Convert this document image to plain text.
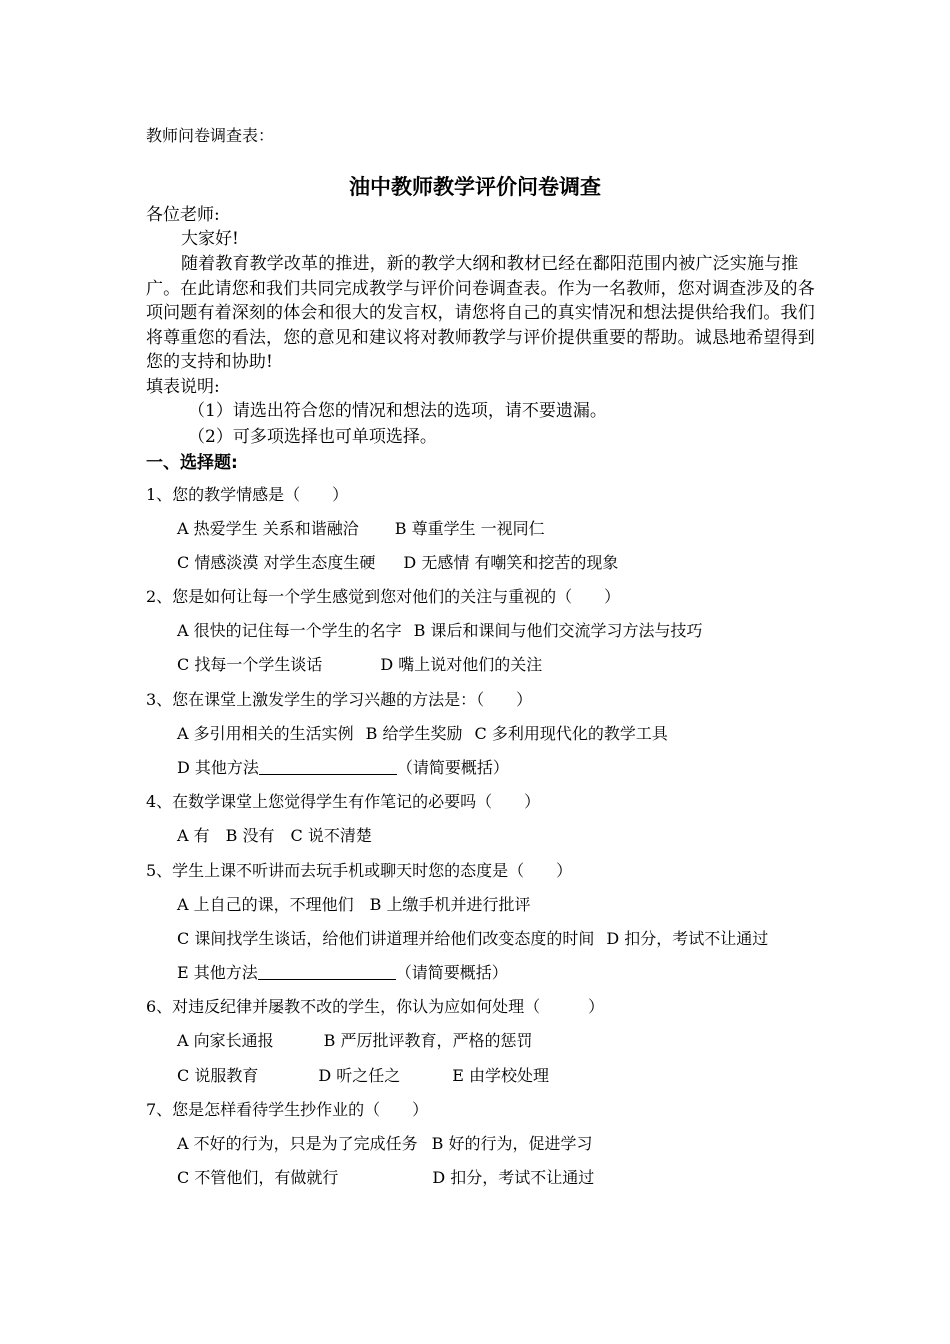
教师问卷调查表：
油中教师教学评价问卷调查
各位老师:
大家好!
随着教育教学改革的推进，新的教学大纲和教材已经在鄱阳范围内被广泛实施与推广。在此请您和我们共同完成教学与评价问卷调查表。作为一名教师，您对调查涉及的各项问题有着深刻的体会和很大的发言权，请您将自己的真实情况和想法提供给我们。我们将尊重您的看法，您的意见和建议将对教师教学与评价提供重要的帮助。诚恳地希望得到您的支持和协助!
填表说明:
（1）请选出符合您的情况和想法的选项，请不要遗漏。
（2）可多项选择也可单项选择。
一、选择题:
1、您的教学情感是（　　）
A 热爱学生 关系和谐融洽 B 尊重学生 一视同仁
C 情感淡漠 对学生态度生硬 D 无感情 有嘲笑和挖苦的现象
2、您是如何让每一个学生感觉到您对他们的关注与重视的（　　）
A 很快的记住每一个学生的名字 B 课后和课间与他们交流学习方法与技巧
C 找每一个学生谈话	D 嘴上说对他们的关注
3、您在课堂上激发学生的学习兴趣的方法是：（　　）
A 多引用相关的生活实例 B 给学生奖励 C 多利用现代化的教学工具
D 其他方法	（请简要概括）
4、在数学课堂上您觉得学生有作笔记的必要吗（　　）
A 有 B 没有 C 说不清楚
5、学生上课不听讲而去玩手机或聊天时您的态度是（　　）
A 上自己的课，不理他们 B 上缴手机并进行批评
C 课间找学生谈话，给他们讲道理并给他们改变态度的时间 D 扣分，考试不让通过
E 其他方法	（请简要概括）
6、对违反纪律并屡教不改的学生，你认为应如何处理（　　　）
A 向家长通报	B 严厉批评教育，严格的惩罚
C 说服教育	D 听之任之	E 由学校处理
7、您是怎样看待学生抄作业的（　　）
A 不好的行为，只是为了完成任务 B 好的行为，促进学习
C 不管他们，有做就行	D 扣分，考试不让通过
